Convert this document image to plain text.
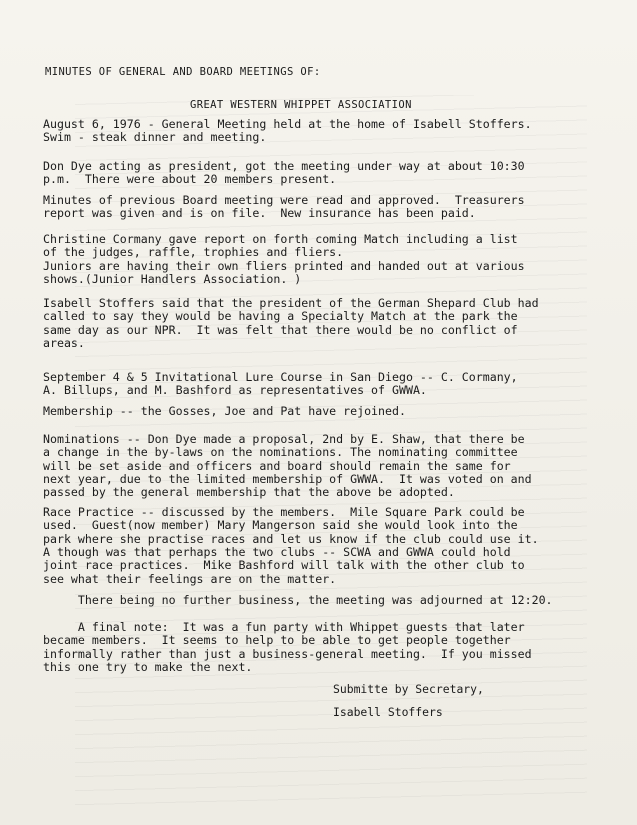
MINUTES OF GENERAL AND BOARD MEETINGS OF:
GREAT WESTERN WHIPPET ASSOCIATION
August 6, 1976 - General Meeting held at the home of Isabell Stoffers.
Swim - steak dinner and meeting.
Don Dye acting as president, got the meeting under way at about 10:30
p.m.  There were about 20 members present.
Minutes of previous Board meeting were read and approved.  Treasurers
report was given and is on file.  New insurance has been paid.
Christine Cormany gave report on forth coming Match including a list
of the judges, raffle, trophies and fliers.
Juniors are having their own fliers printed and handed out at various
shows.(Junior Handlers Association. )
Isabell Stoffers said that the president of the German Shepard Club had
called to say they would be having a Specialty Match at the park the
same day as our NPR.  It was felt that there would be no conflict of
areas.
September 4 & 5 Invitational Lure Course in San Diego -- C. Cormany,
A. Billups, and M. Bashford as representatives of GWWA.
Membership -- the Gosses, Joe and Pat have rejoined.
Nominations -- Don Dye made a proposal, 2nd by E. Shaw, that there be
a change in the by-laws on the nominations. The nominating committee
will be set aside and officers and board should remain the same for
next year, due to the limited membership of GWWA.  It was voted on and
passed by the general membership that the above be adopted.
Race Practice -- discussed by the members.  Mile Square Park could be
used.  Guest(now member) Mary Mangerson said she would look into the
park where she practise races and let us know if the club could use it.
A though was that perhaps the two clubs -- SCWA and GWWA could hold
joint race practices.  Mike Bashford will talk with the other club to
see what their feelings are on the matter.
There being no further business, the meeting was adjourned at 12:20.
A final note:  It was a fun party with Whippet guests that later
became members.  It seems to help to be able to get people together
informally rather than just a business-general meeting.  If you missed
this one try to make the next.
Submitte by Secretary,
Isabell Stoffers
